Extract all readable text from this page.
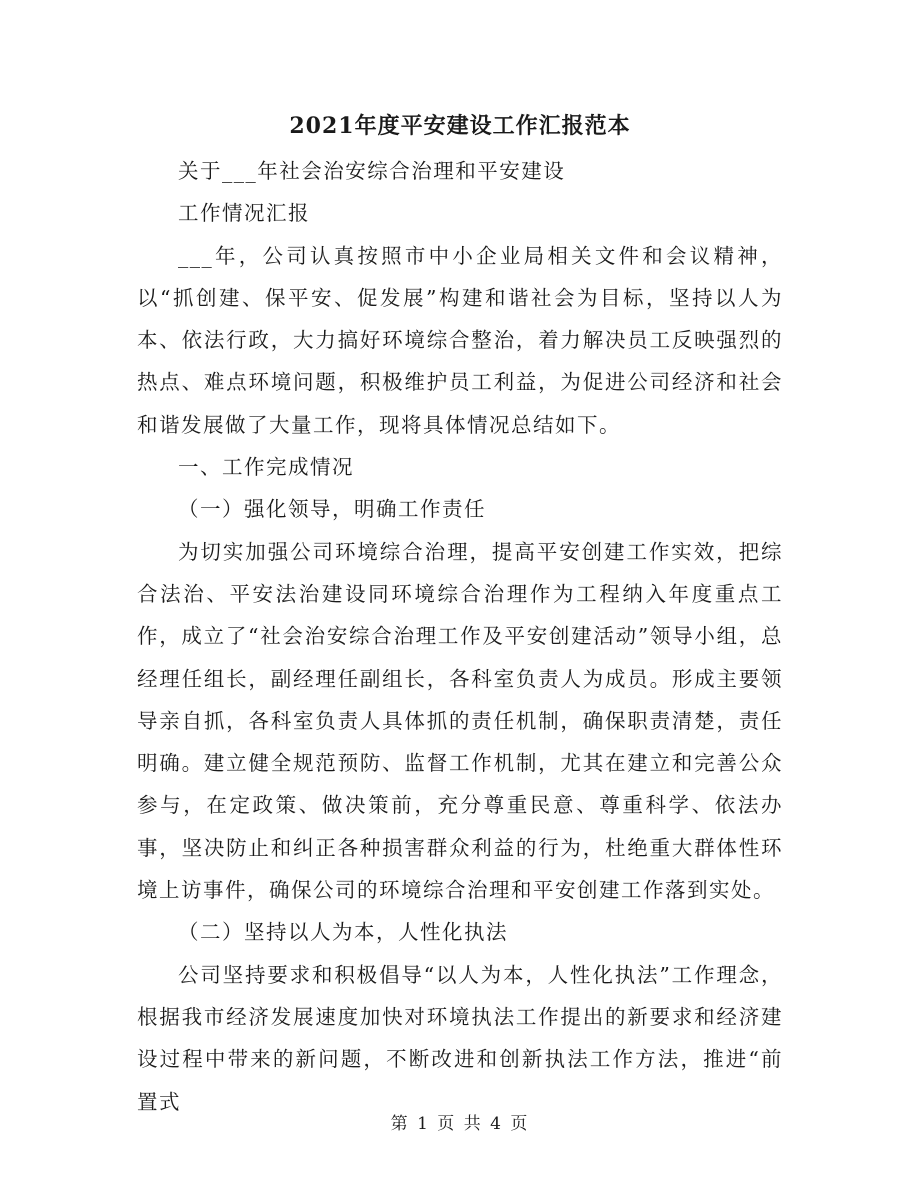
2021年度平安建设工作汇报范本

关于___年社会治安综合治理和平安建设

工作情况汇报

___年，公司认真按照市中小企业局相关文件和会议精神，以“抓创建、保平安、促发展”构建和谐社会为目标，坚持以人为本、依法行政，大力搞好环境综合整治，着力解决员工反映强烈的热点、难点环境问题，积极维护员工利益，为促进公司经济和社会和谐发展做了大量工作，现将具体情况总结如下。

一、工作完成情况

（一）强化领导，明确工作责任

为切实加强公司环境综合治理，提高平安创建工作实效，把综合法治、平安法治建设同环境综合治理作为工程纳入年度重点工作，成立了“社会治安综合治理工作及平安创建活动”领导小组，总经理任组长，副经理任副组长，各科室负责人为成员。形成主要领导亲自抓，各科室负责人具体抓的责任机制，确保职责清楚，责任明确。建立健全规范预防、监督工作机制，尤其在建立和完善公众参与，在定政策、做决策前，充分尊重民意、尊重科学、依法办事，坚决防止和纠正各种损害群众利益的行为，杜绝重大群体性环境上访事件，确保公司的环境综合治理和平安创建工作落到实处。

（二）坚持以人为本，人性化执法

公司坚持要求和积极倡导“以人为本，人性化执法”工作理念，根据我市经济发展速度加快对环境执法工作提出的新要求和经济建设过程中带来的新问题，不断改进和创新执法工作方法，推进“前置式

第 1 页 共 4 页
